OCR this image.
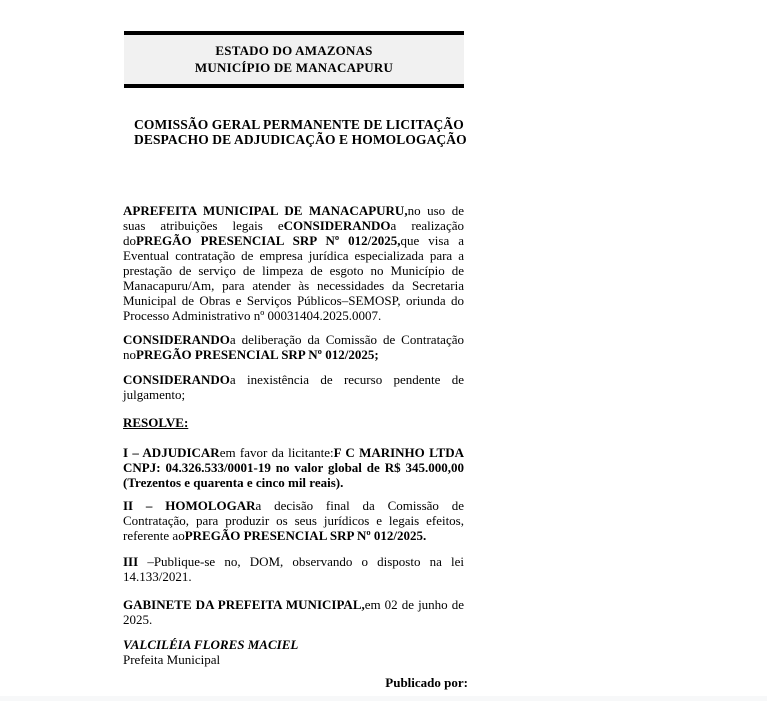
ESTADO DO AMAZONAS
MUNICÍPIO DE MANACAPURU
COMISSÃO GERAL PERMANENTE DE LICITAÇÃO
DESPACHO DE ADJUDICAÇÃO E HOMOLOGAÇÃO

APREFEITA MUNICIPAL DE MANACAPURU,no uso de suas atribuições legais eCONSIDERANDOa realização doPREGÃO PRESENCIAL SRP Nº 012/2025,que visa a Eventual contratação de empresa jurídica especializada para a prestação de serviço de limpeza de esgoto no Município de Manacapuru/Am, para atender às necessidades da Secretaria Municipal de Obras e Serviços Públicos–SEMOSP, oriunda do Processo Administrativo nº 00031404.2025.0007.

CONSIDERANDOa deliberação da Comissão de Contratação noPREGÃO PRESENCIAL SRP Nº 012/2025;

CONSIDERANDOa inexistência de recurso pendente de julgamento;

RESOLVE:

I – ADJUDICARem favor da licitante:F C MARINHO LTDA CNPJ: 04.326.533/0001-19 no valor global de R$ 345.000,00 (Trezentos e quarenta e cinco mil reais).

II – HOMOLOGARa decisão final da Comissão de Contratação, para produzir os seus jurídicos e legais efeitos, referente aoPREGÃO PRESENCIAL SRP Nº 012/2025.

III –Publique-se no, DOM, observando o disposto na lei 14.133/2021.

GABINETE DA PREFEITA MUNICIPAL,em 02 de junho de 2025.

VALCILÉIA FLORES MACIEL

Prefeita Municipal

Publicado por:
